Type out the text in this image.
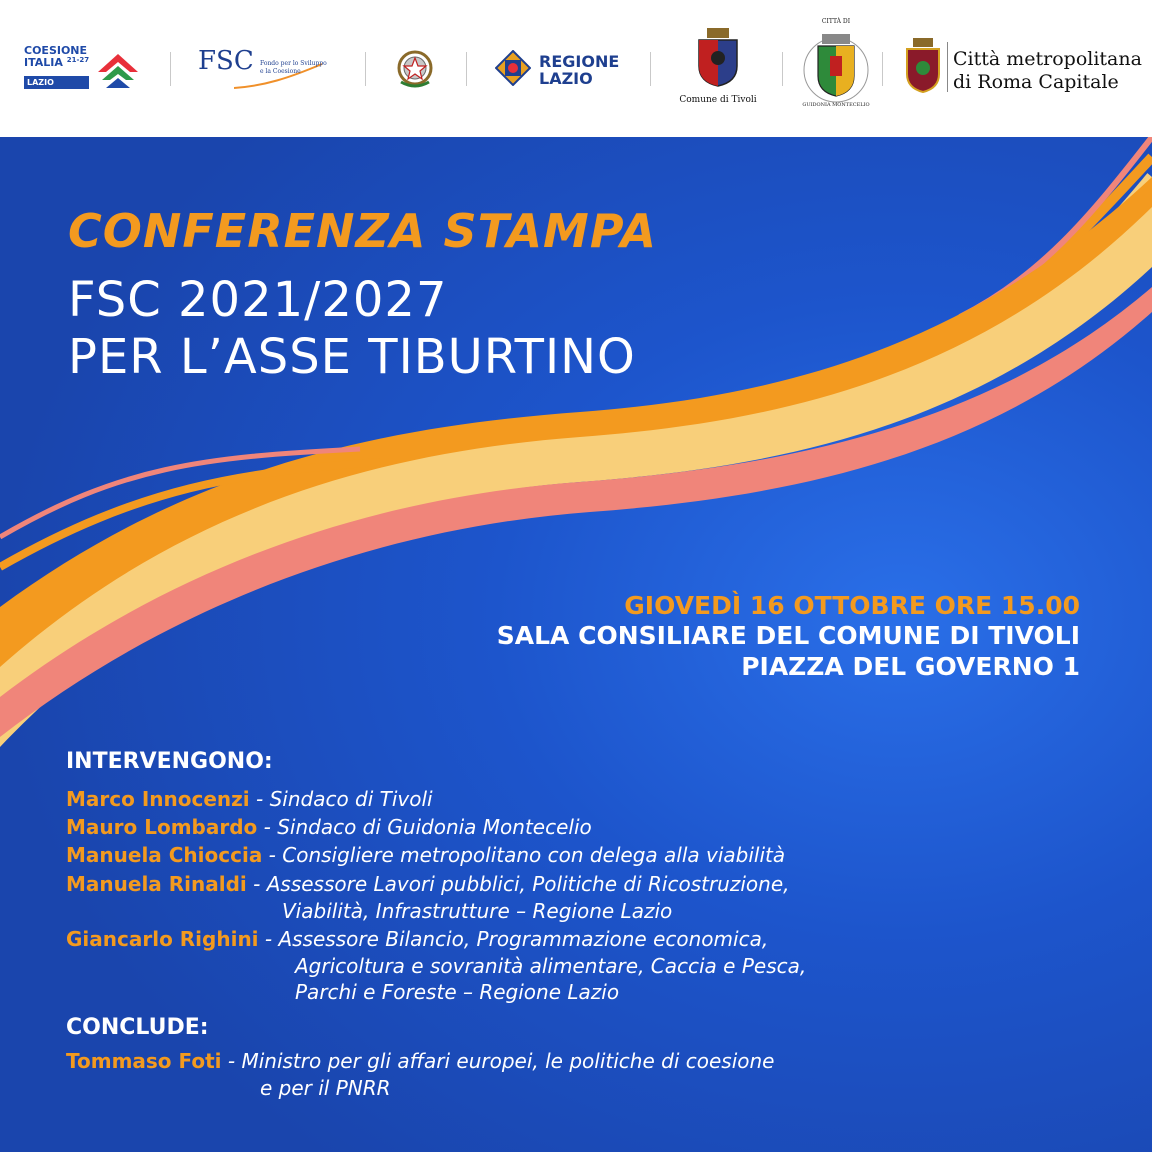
COESIONE
ITALIA $^{21-27}$
LAZIO
FSC Fondo per lo Sviluppo
e la Coesione
REGIONE
LAZIO
Comune di Tivoli
CITTÀ DI
GUIDONIA MONTECELIO
Città metropolitana
di Roma Capitale
CONFERENZA STAMPA
FSC 2021/2027
PER L’ASSE TIBURTINO
GIOVEDÌ 16 OTTOBRE ORE 15.00
SALA CONSILIARE DEL COMUNE DI TIVOLI
PIAZZA DEL GOVERNO 1
INTERVENGONO:
Marco Innocenzi - Sindaco di Tivoli
Mauro Lombardo - Sindaco di Guidonia Montecelio
Manuela Chioccia - Consigliere metropolitano con delega alla viabilità
Manuela Rinaldi - Assessore Lavori pubblici, Politiche di Ricostruzione,
Viabilità, Infrastrutture – Regione Lazio
Giancarlo Righini - Assessore Bilancio, Programmazione economica,
Agricoltura e sovranità alimentare, Caccia e Pesca,
Parchi e Foreste – Regione Lazio
CONCLUDE:
Tommaso Foti - Ministro per gli affari europei, le politiche di coesione
e per il PNRR
